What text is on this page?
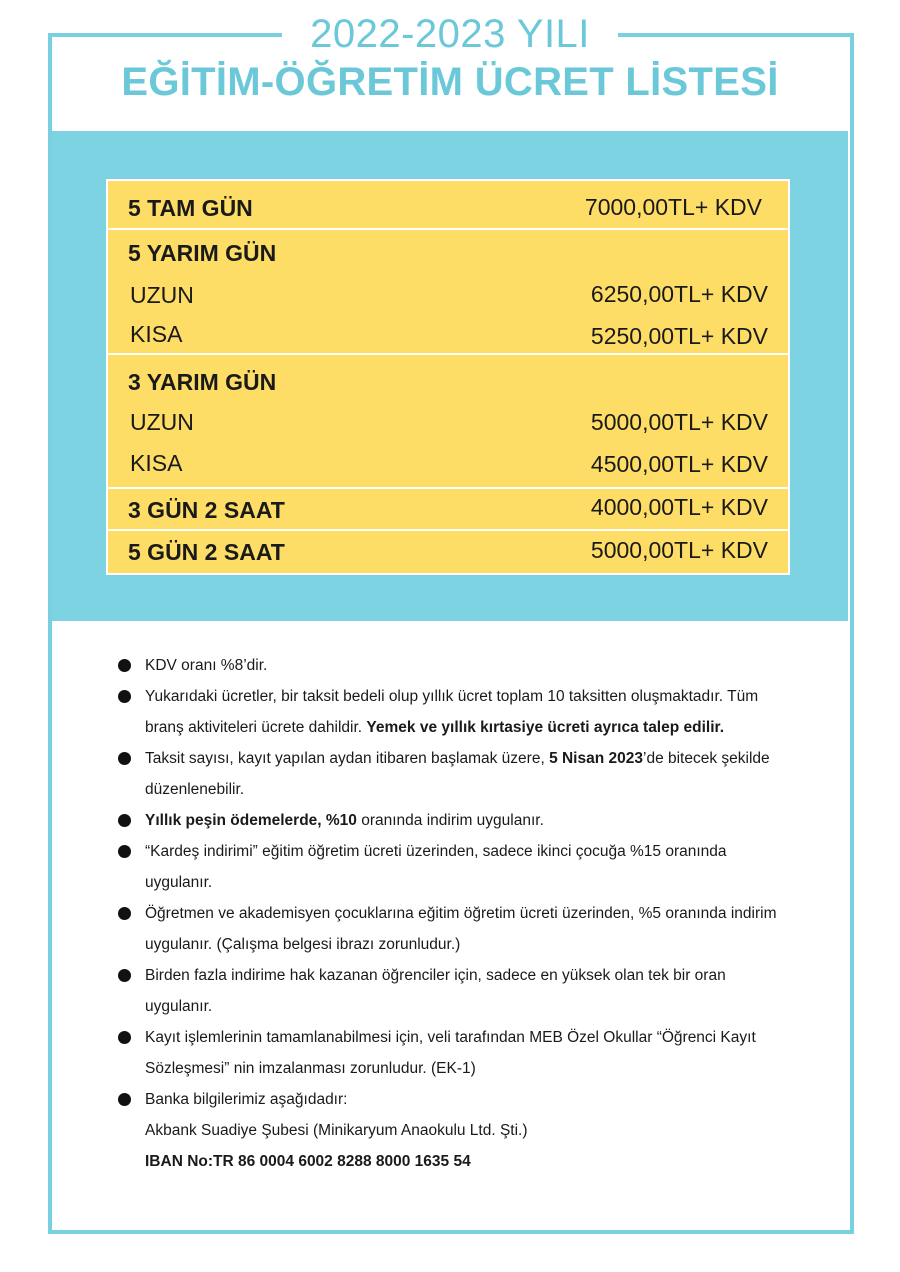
2022-2023 YILI
EĞİTİM-ÖĞRETİM ÜCRET LİSTESİ
5 TAM GÜN	7000,00TL+ KDV
5 YARIM GÜN
UZUN	6250,00TL+ KDV
KISA	5250,00TL+ KDV
3 YARIM GÜN
UZUN	5000,00TL+ KDV
KISA	4500,00TL+ KDV
3 GÜN 2 SAAT	4000,00TL+ KDV
5 GÜN 2 SAAT	5000,00TL+ KDV
KDV oranı %8’dir.
Yukarıdaki ücretler, bir taksit bedeli olup yıllık ücret toplam 10 taksitten oluşmaktadır. Tüm branş aktiviteleri ücrete dahildir. Yemek ve yıllık kırtasiye ücreti ayrıca talep edilir.
Taksit sayısı, kayıt yapılan aydan itibaren başlamak üzere, 5 Nisan 2023’de bitecek şekilde düzenlenebilir.
Yıllık peşin ödemelerde, %10 oranında indirim uygulanır.
“Kardeş indirimi” eğitim öğretim ücreti üzerinden, sadece ikinci çocuğa %15 oranında uygulanır.
Öğretmen ve akademisyen çocuklarına eğitim öğretim ücreti üzerinden, %5 oranında indirim uygulanır. (Çalışma belgesi ibrazı zorunludur.)
Birden fazla indirime hak kazanan öğrenciler için, sadece en yüksek olan tek bir oran uygulanır.
Kayıt işlemlerinin tamamlanabilmesi için, veli tarafından MEB Özel Okullar “Öğrenci Kayıt Sözleşmesi” nin imzalanması zorunludur. (EK-1)
Banka bilgilerimiz aşağıdadır:
Akbank Suadiye Şubesi (Minikaryum Anaokulu Ltd. Şti.)
IBAN No:TR 86 0004 6002 8288 8000 1635 54
